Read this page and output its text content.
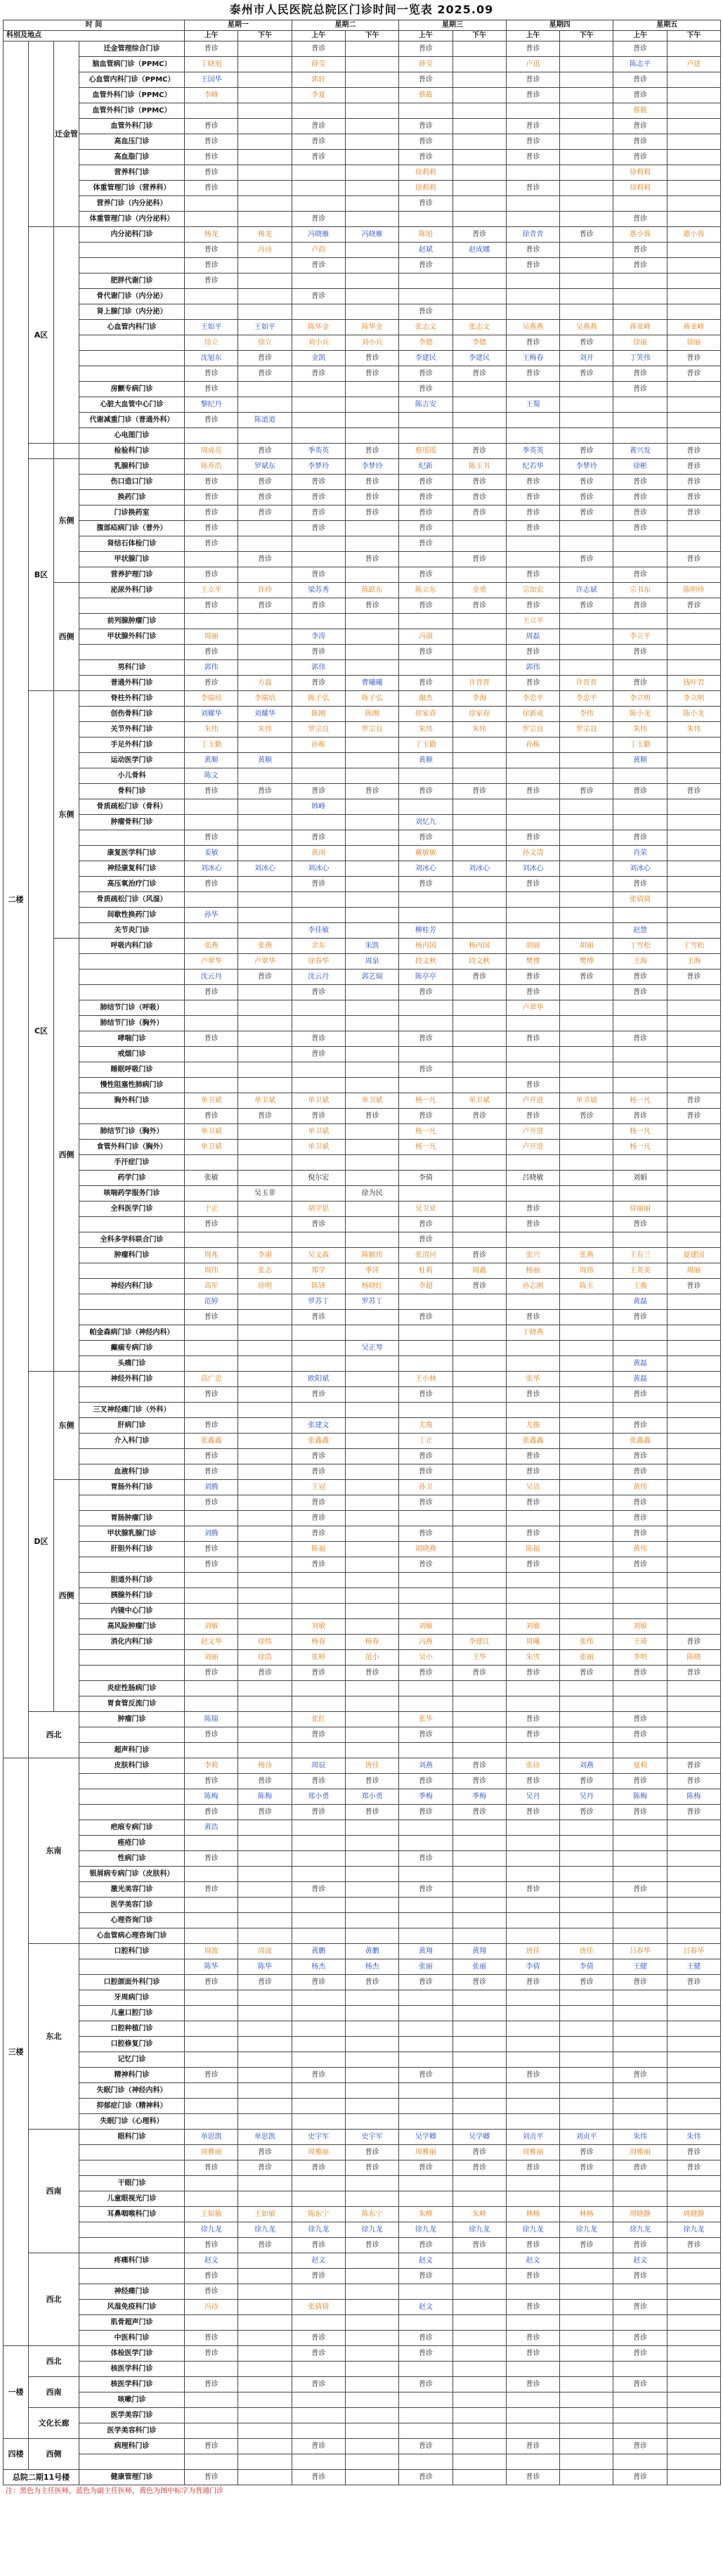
泰州市人民医院总院区门诊时间一览表 2025.09
时 间				星期一		星期二		星期三		星期四		星期五	
科别及地点				上午	下午	上午	下午	上午	下午	上午	下午	上午	下午
二楼		迁金管	迁金管理综合门诊	普诊		普诊		普诊		普诊		普诊	
			脑血管病门诊（PPMC）	丁晓旭		薛莹		薛莹		卢迅		陈志平	卢进
			心血管内科门诊（PPMC）	王国华		郭轩		普诊		普诊		普诊	
			血管外科门诊（PPMC）	李峰		李夏		蔡筱		普诊		普诊	
			血管外科门诊（PPMC）									蔡筱	
			血管外科门诊	普诊		普诊		普诊		普诊		普诊	
			高血压门诊	普诊		普诊		普诊		普诊		普诊	
			高血脂门诊	普诊		普诊		普诊		普诊		普诊	
			营养科门诊	普诊				徐莉莉				徐莉莉	
			体重管理门诊（营养科）	普诊				徐莉莉		普诊		徐莉莉	
			营养门诊（内分泌科）					普诊					
			体重管理门诊（内分泌科）			普诊						普诊	
	A区		内分泌科门诊	杨龙	杨龙	冯晓雁	冯晓雁	陈旭	普诊	徐青青	普诊	惠小蓉	惠小蓉
				普诊	冯诗	卢韵		赵斌	赵成娜	普诊		普诊	
				普诊		普诊		普诊		普诊		普诊	
			肥胖代谢门诊	普诊									
			骨代谢门诊（内分泌）			普诊							
			肾上腺门诊（内分泌）					普诊					
			心血管内科门诊	王如平	王如平	陈华金	陈华金	张志文	张志文	吴燕燕	吴燕燕	蒋亚峰	蒋亚峰
				徐立	徐立	刘小兵	刘小兵	李德	李德	普诊	普诊	徐丽	徐丽
				沈旭东	普诊	金凯	普诊	李建民	李建民	王梅春	刘开	丁笑伟	普诊
				普诊	普诊	普诊	普诊	普诊	普诊	普诊	普诊	普诊	普诊
			房颤专病门诊	普诊				普诊				普诊	
			心脏大血管中心门诊	黎纪丹				陈吉安		王蜀			
			代谢减重门诊（普通外科）	普诊	陈道道								
			心电图门诊										
			检验科门诊	周成亮	普诊	季英英	普诊	蔡瑶瑶	普诊	季英英	普诊	黄兴发	普诊
	B区	东侧	乳腺科门诊	陈乔浩	罗斌东	李梦玲	李梦玲	纪新	陈玉书	纪若华	李梦玲	徐彬	普诊
			伤口造口门诊	普诊	普诊	普诊	普诊	普诊	普诊	普诊	普诊	普诊	普诊
			换药门诊	普诊	普诊	普诊	普诊	普诊	普诊	普诊	普诊	普诊	普诊
			门诊换药室	普诊	普诊	普诊	普诊	普诊	普诊	普诊	普诊	普诊	普诊
			腹部疝病门诊（普外）	普诊		普诊		普诊		普诊		普诊	
			肾结石体检门诊	普诊				普诊					
			甲状腺门诊		普诊		普诊		普诊		普诊		普诊
			营养护理门诊	普诊		普诊		普诊		普诊		普诊	
		西侧	泌尿外科门诊	王立平	许玲	梁苏秀	陈跃东	陈立东	金勇	宗加宏	许志斌	宗书东	陈明珍
				普诊	普诊	普诊	普诊	普诊	普诊	普诊	普诊	普诊	普诊
			前列腺肿瘤门诊							王立平			
			甲状腺外科门诊	周丽		李涛		冯淑		周磊		李立平	
				普诊		普诊		普诊		普诊		普诊	
			男科门诊	郭伟		郭伟				郭伟			
			普通外科门诊	普诊	方磊	普诊	曹曦曦	普诊	许晋晋	普诊	许晋晋	普诊	钱叶君
	C区	东侧	脊柱外科门诊	李瑞培	李瑞培	陈子弘	陈子弘	谢杰	李海	李忠平	李忠平	李立明	李立明
			创伤骨科门诊	刘耀华	刘耀华	陈刚	陈刚	徐家春	徐家春	徐新成	李伟	陈小龙	陈小龙
			关节外科门诊	朱伟	朱伟	罗宗良	罗宗良	朱伟	朱伟	罗宗良	罗宗良	朱伟	朱伟
			手足外科门诊	丁玉勤		孙栋		丁玉勤		孙栋		丁玉勤	
			运动医学门诊	黄顺	黄顺			黄顺				黄顺	
			小儿骨科	陈文									
			骨科门诊	普诊	普诊	普诊	普诊	普诊	普诊	普诊	普诊	普诊	普诊
			骨质疏松门诊（骨科）			韩峰							
			肿瘤骨科门诊					刘忆九					
				普诊		普诊		普诊		普诊		普诊	
			康复医学科门诊	姜敏		黄雨		戴敏敏		孙文清		肖荣	
			神经康复科门诊	刘冰心	刘冰心	刘冰心		刘冰心	刘冰心	刘冰心		刘冰心	
			高压氧治疗门诊	普诊		普诊		普诊		普诊		普诊	
			骨质疏松门诊（风湿）									张倩倩	
			间歇性换药门诊	孙华									
			关节炎门诊			李佳敏		柳桂芳				赵慧	
		西侧	呼吸内科门诊	张燕	张燕	余东	朱凯	杨丙国	杨丙国	胡丽	胡丽	丁雪松	丁雪松
				卢翠华	卢翠华	徐春华	周泉	段文秋	段文秋	樊博	樊博	王海	王海
				沈云丹	普诊	沈云丹	郭艺瑞	陈亭亭	普诊	普诊	普诊	普诊	普诊
				普诊		普诊		普诊		普诊		普诊	
			肺结节门诊（呼吸）							卢翠华			
			肺结节门诊（胸外）										
			哮喘门诊	普诊		普诊		普诊		普诊		普诊	
			戒烟门诊			普诊							
			睡眠呼吸门诊					普诊					
			慢性阻塞性肺病门诊							普诊			
			胸外科门诊	单卫斌	单卫斌	单卫斌	单卫斌	杨一凡	单卫斌	卢开进	单卫斌	杨一凡	普诊
				普诊	普诊	普诊	普诊	普诊	普诊	普诊	普诊	普诊	普诊
			肺结节门诊（胸外）	单卫斌		单卫斌		杨一凡		卢开进		杨一凡	
			食管外科门诊（胸外）	单卫斌		单卫斌		杨一凡		卢开进		杨一凡	
			手汗症门诊										
			药学门诊	张敏		倪尔宏		李倩		吕晓敏		刘娟	
			咳喘药学服务门诊		吴玉菲		徐为民						
			全科医学门诊	于正		胡学思		吴卫亚		普诊		徐丽丽	
				普诊		普诊		普诊		普诊		普诊	
			全科多学科联合门诊					普诊					
			肿瘤科门诊	周兆	李淑	吴文森	陈颖伟	张清河	普诊	张兴	张燕	王有兰	夏建国
				周伟	张志	郑学	季萍	杜莉	周鑫	杨丽	周伟	王英美	周丽
			神经内科门诊	高军	徐明	陈锋	杨晓红	李超	普诊	孙志刚	陈玉	王骏	普诊
				范婷		罗苏丁	罗苏丁					黄磊	
				普诊		普诊		普诊		普诊		普诊	
			帕金森病门诊（神经内科）							丁晓燕			
			癫痫专病门诊				吴正琴						
			头痛门诊									黄磊	
	D区	东侧	神经外科门诊	高广忠		欧阳斌		王小林		张华		黄磊	
				普诊		普诊		普诊		普诊		普诊	
			三叉神经痛门诊（外科）										
			肝病门诊	普诊		张建文		尤俊		尤俊		普诊	
			介入科门诊	张鑫鑫		张鑫鑫		丁正		张鑫鑫		张鑫鑫	
				普诊		普诊		普诊		普诊		普诊	
			血液科门诊	普诊		普诊		普诊		普诊		普诊	
		西侧	胃肠外科门诊	刘腾		王冠		孙卫		吴洁		黄伟	
				普诊		普诊		普诊		普诊		普诊	
			胃肠肿瘤门诊			普诊						普诊	
			甲状腺乳腺门诊	刘腾		普诊		普诊		普诊		普诊	
			肝胆外科门诊	普诊		陈福		胡晓燕		陈福		黄伟	
				普诊		普诊		普诊		普诊		普诊	
			胆道外科门诊										
			胰腺外科门诊										
			内镜中心门诊										
			高风险肿瘤门诊	刘敏		刘敏		刘敏		刘敏		刘敏	
			消化内科门诊	赵文华	徐伟	杨春	杨春	冯燕	李建江	周曦	张伟	王琦	普诊
				刘丽	徐浩	张婷	范小	吴小	王华	朱雪	张丽	李明	陈晓
				普诊	普诊	普诊	普诊	普诊	普诊	普诊	普诊	普诊	普诊
			炎症性肠病门诊										
			胃食管反流门诊										
	西北		肿瘤门诊	陈瑞		张红		张华		普诊		普诊	
				普诊		普诊		普诊		普诊		普诊	
			超声科门诊										
三楼	东南		皮肤科门诊	李莉	杨诗	周辰	唐佳	刘燕	普诊	张诗	刘燕	夏莉	普诊
				普诊	普诊	普诊	普诊	普诊	普诊	普诊	普诊	普诊	普诊
				陈梅	陈梅	郑小勇	郑小勇	季梅	季梅	吴丹	吴丹	陈梅	陈梅
				普诊	普诊	普诊	普诊	普诊	普诊	普诊	普诊	普诊	普诊
			疤痕专病门诊	黄浩									
			痤疮门诊										
			性病门诊	普诊				普诊					
			银屑病专病门诊（皮肤科）										
			激光美容门诊	普诊		普诊		普诊		普诊		普诊	
			医学美容门诊										
			心理咨询门诊										
			心血管病心理咨询门诊										
	东北		口腔科门诊	周波	周波	黄鹏	黄鹏	黄翔	黄翔	唐佳	唐佳	吕春华	吕春华
				陈华	陈华	杨杰	杨杰	张丽	张丽	李倩	李倩	王健	王健
			口腔颌面外科门诊	普诊	普诊	普诊	普诊	普诊	普诊	普诊	普诊	普诊	普诊
			牙周病门诊										
			儿童口腔门诊										
			口腔种植门诊										
			口腔修复门诊										
			记忆门诊										
			精神科门诊	普诊		普诊		普诊		普诊		普诊	
			失眠门诊（神经内科）										
			抑郁症门诊（精神科）										
			失眠门诊（心理科）										
	西南		眼科门诊	单思凯	单思凯	史宇军	史宇军	吴学卿	吴学卿	刘贞平	刘贞平	朱伟	朱伟
				周雅丽	普诊	周雅丽	普诊	周雅丽	普诊	周雅丽	普诊	周雅丽	普诊
				普诊	普诊	普诊	普诊	普诊	普诊	普诊	普诊	普诊	普诊
			干眼门诊										
			儿童眼视光门诊										
			耳鼻咽喉科门诊	王如敏	王如敏	陈东宁	陈东宁	朱峰	朱峰	林杨	林杨	周晓静	周晓静
				徐九龙	徐九龙	徐九龙	徐九龙	徐九龙	徐九龙	徐九龙	徐九龙	徐九龙	徐九龙
				普诊	普诊	普诊	普诊	普诊	普诊	普诊	普诊	普诊	普诊
	西北		疼痛科门诊	赵文		赵文		赵文		赵文		赵文	
				普诊		普诊		普诊		普诊		普诊	
			神经痛门诊	普诊									
			风湿免疫科门诊	冯诗		张倩倩		赵文		普诊		普诊	
			肌骨超声门诊										
			中医科门诊	普诊		普诊		普诊		普诊		普诊	
一楼	西北		体检医学门诊	普诊		普诊		普诊		普诊		普诊	
			核医学科门诊										
	西南		核医学科门诊	普诊		普诊		普诊		普诊		普诊	
			咳嗽门诊										
	文化长廊		医学美容门诊										
			医学美容科门诊										
四楼	西侧		病理科门诊	普诊		普诊		普诊		普诊		普诊	

总院二期11号楼			健康管理门诊	普诊		普诊		普诊		普诊		普诊	
注：黑色为主任医师，蓝色为副主任医师，黄色为图中标字为普通门诊
